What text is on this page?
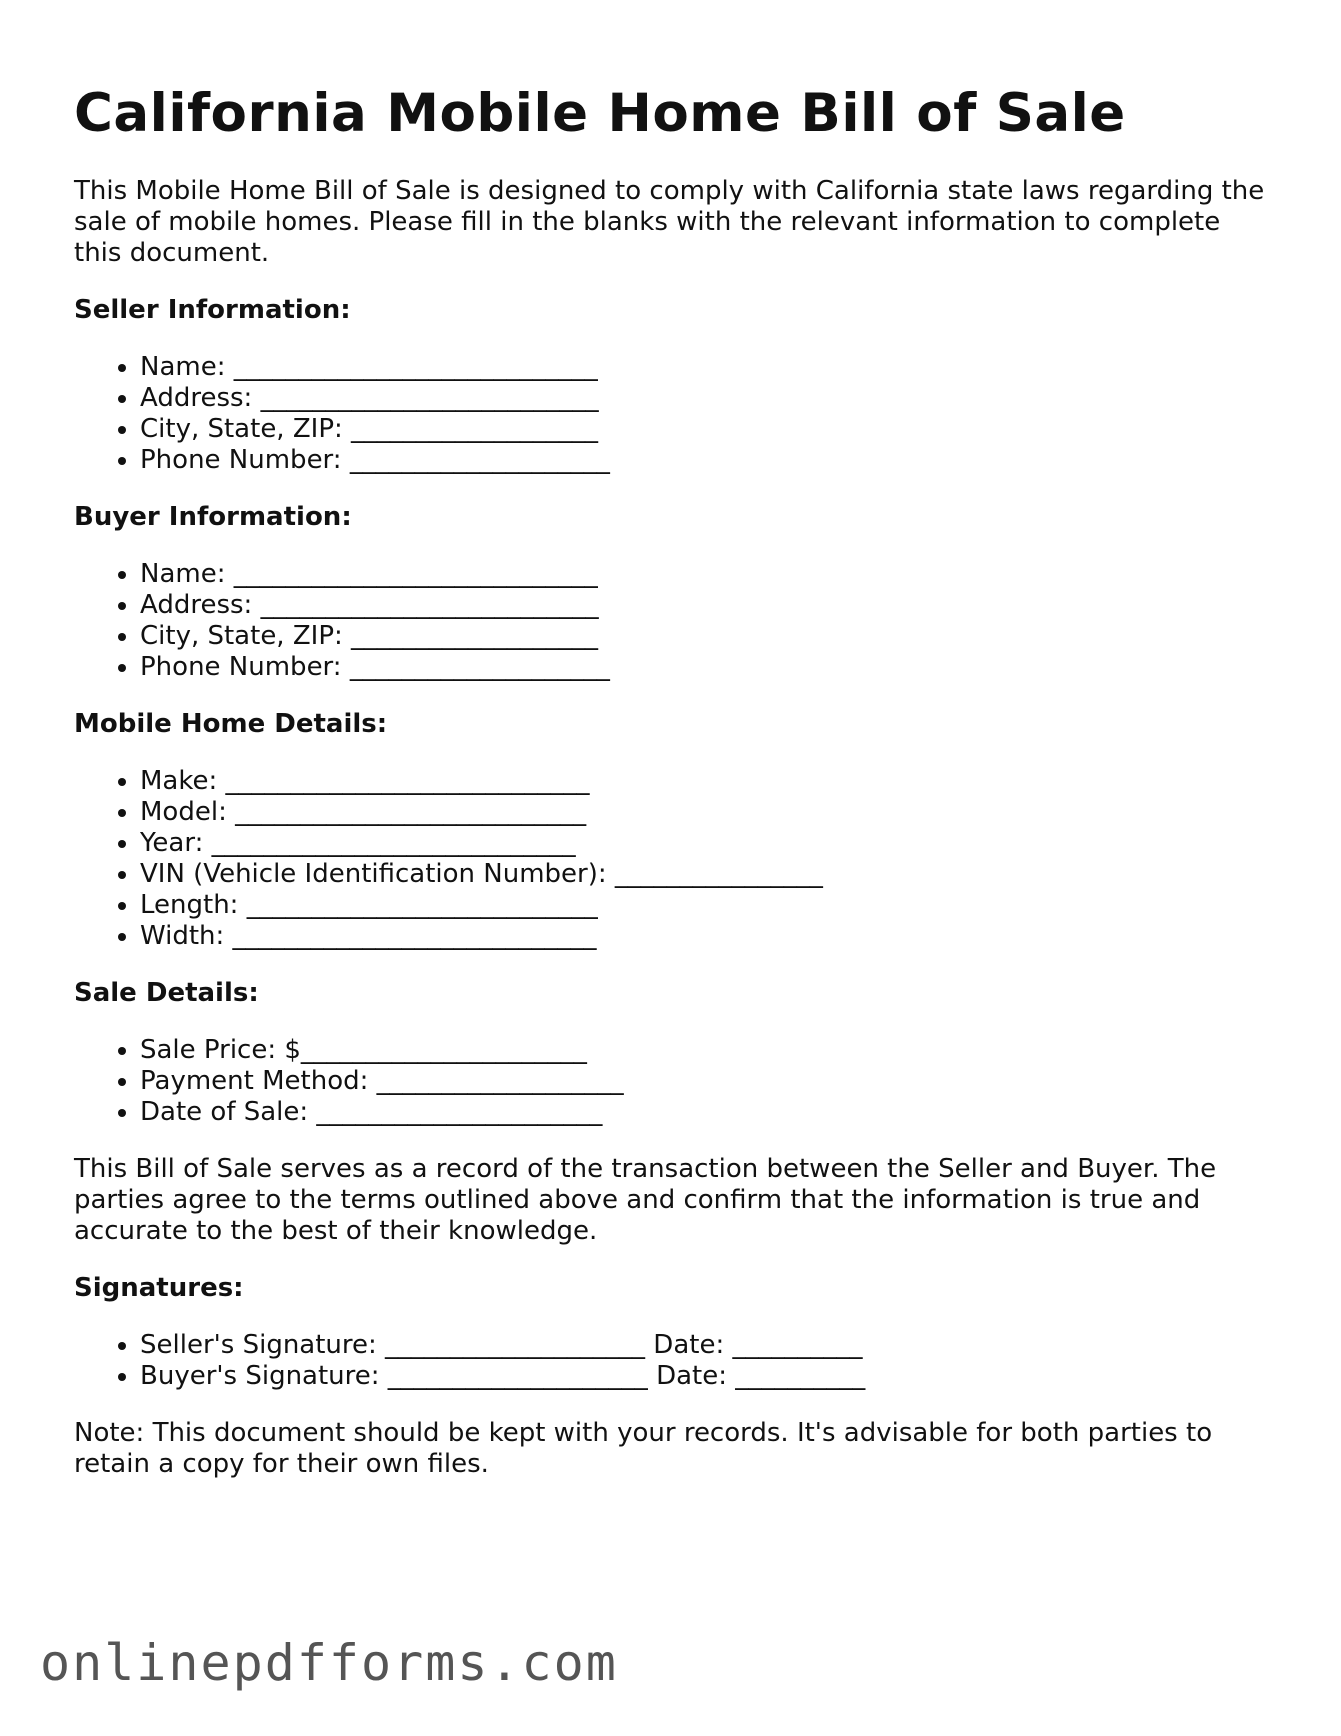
California Mobile Home Bill of Sale

This Mobile Home Bill of Sale is designed to comply with California state laws regarding the sale of mobile homes. Please fill in the blanks with the relevant information to complete this document.

Seller Information:
• Name: ____________________________
• Address: __________________________
• City, State, ZIP: ___________________
• Phone Number: ____________________
Buyer Information:
• Name: ____________________________
• Address: __________________________
• City, State, ZIP: ___________________
• Phone Number: ____________________
Mobile Home Details:
• Make: ____________________________
• Model: ___________________________
• Year: ____________________________
• VIN (Vehicle Identification Number): ________________
• Length: ___________________________
• Width: ____________________________
Sale Details:
• Sale Price: $______________________
• Payment Method: ___________________
• Date of Sale: ______________________

This Bill of Sale serves as a record of the transaction between the Seller and Buyer. The parties agree to the terms outlined above and confirm that the information is true and accurate to the best of their knowledge.

Signatures:
• Seller's Signature: ____________________ Date: __________
• Buyer's Signature: ____________________ Date: __________

Note: This document should be kept with your records. It's advisable for both parties to retain a copy for their own files.

onlinepdfforms.com
